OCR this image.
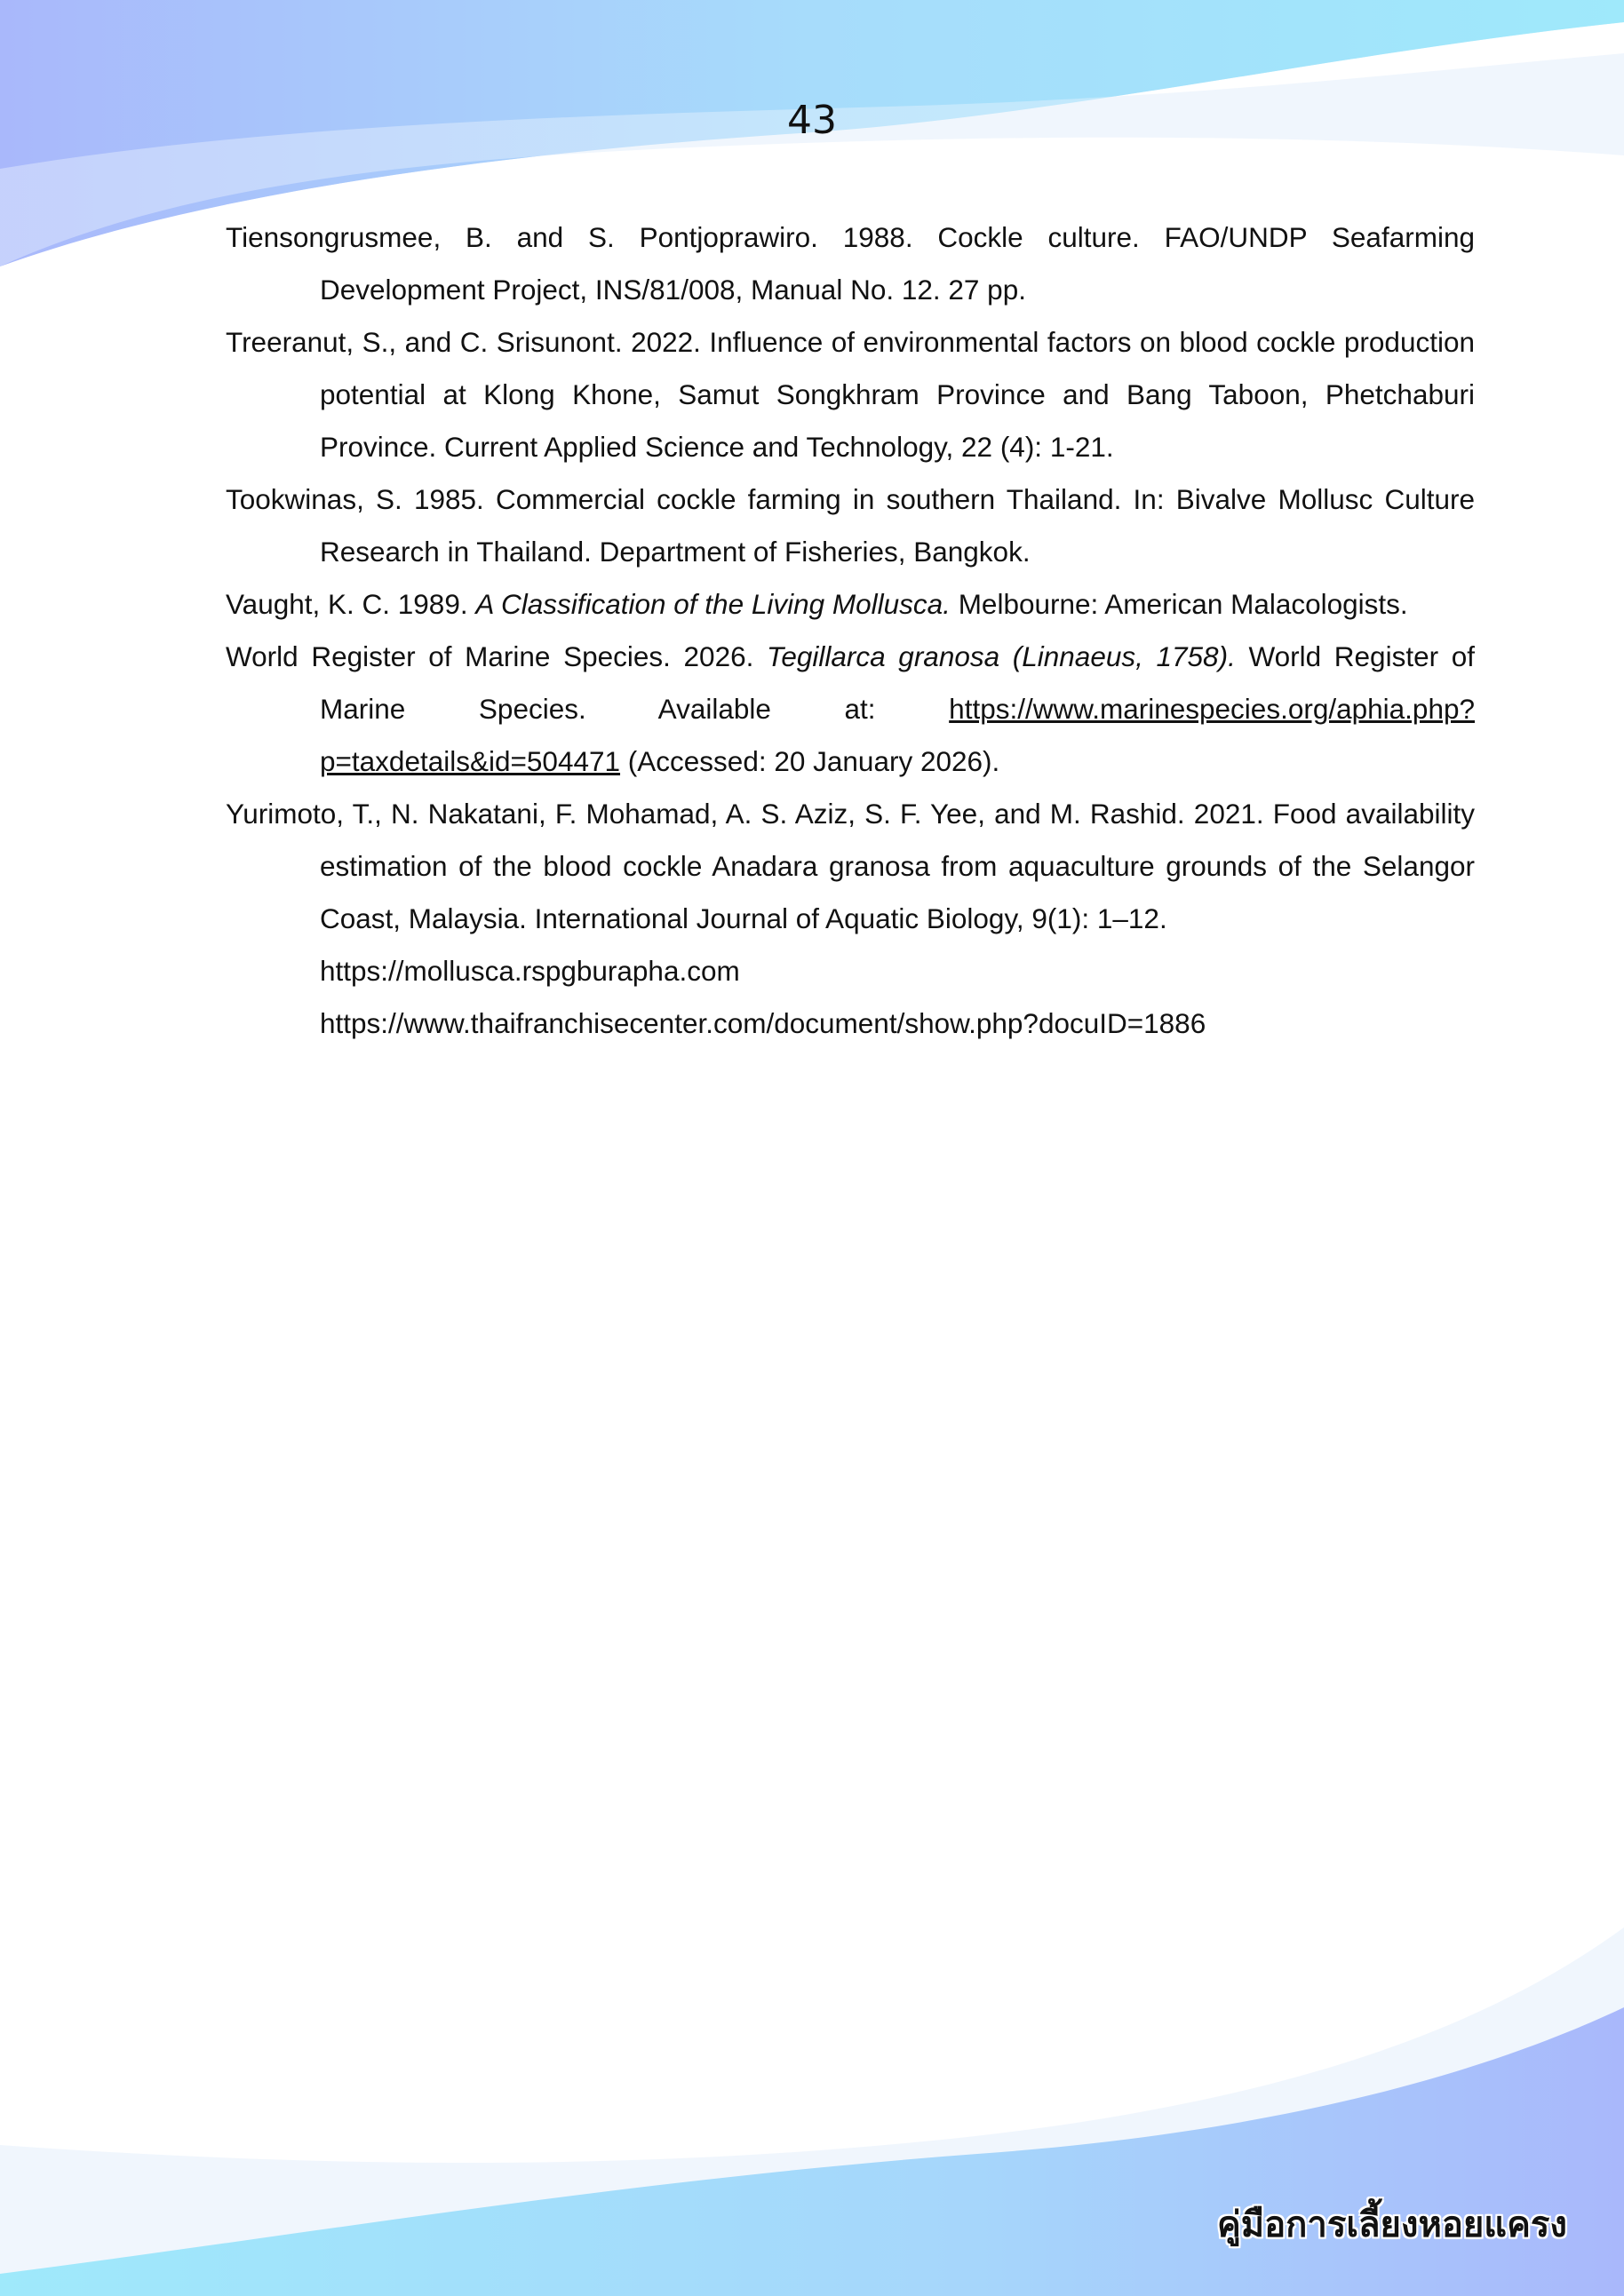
43

Tiensongrusmee, B. and S. Pontjoprawiro. 1988. Cockle culture. FAO/UNDP Seafarming Development Project, INS/81/008, Manual No. 12. 27 pp.

Treeranut, S., and C. Srisunont. 2022. Influence of environmental factors on blood cockle production potential at Klong Khone, Samut Songkhram Province and Bang Taboon, Phetchaburi Province. Current Applied Science and Technology, 22 (4): 1-21.

Tookwinas, S. 1985. Commercial cockle farming in southern Thailand. In: Bivalve Mollusc Culture Research in Thailand. Department of Fisheries, Bangkok.

Vaught, K. C. 1989. A Classification of the Living Mollusca. Melbourne: American Malacologists.

World Register of Marine Species. 2026. Tegillarca granosa (Linnaeus, 1758). World Register of Marine Species. Available at: https://www.marinespecies.org/aphia.php?p=taxdetails&id=504471 (Accessed: 20 January 2026).

Yurimoto, T., N. Nakatani, F. Mohamad, A. S. Aziz, S. F. Yee, and M. Rashid. 2021. Food availability estimation of the blood cockle Anadara granosa from aquaculture grounds of the Selangor Coast, Malaysia. International Journal of Aquatic Biology, 9(1): 1–12.

https://mollusca.rspgburapha.com

https://www.thaifranchisecenter.com/document/show.php?docuID=1886

คู่มือการเลี้ยงหอยแครง
